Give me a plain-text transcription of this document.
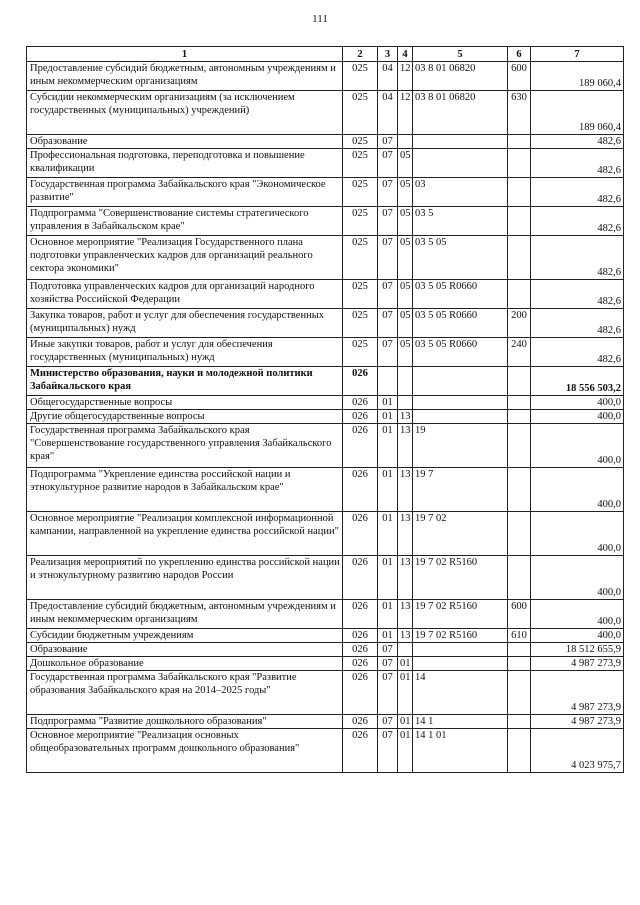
111
1	2	3	4	5	6	7
Предоставление субсидий бюджетным, автономным учреждениям и иным некоммерческим организациям	025	04	12	03 8 01 06820	600	189 060,4
Субсидии некоммерческим организациям (за исключением государственных (муниципальных) учреждений)	025	04	12	03 8 01 06820	630	189 060,4
Образование	025	07				482,6
Профессиональная подготовка, переподготовка и повышение квалификации	025	07	05			482,6
Государственная программа Забайкальского края "Экономическое развитие"	025	07	05	03		482,6
Подпрограмма "Совершенствование системы стратегического управления в Забайкальском крае"	025	07	05	03 5		482,6
Основное мероприятие "Реализация Государственного плана подготовки управленческих кадров для организаций реального сектора экономики"	025	07	05	03 5 05		482,6
Подготовка управленческих кадров для организаций народного хозяйства Российской Федерации	025	07	05	03 5 05 R0660		482,6
Закупка товаров, работ и услуг для обеспечения государственных (муниципальных) нужд	025	07	05	03 5 05 R0660	200	482,6
Иные закупки товаров, работ и услуг для обеспечения государственных (муниципальных) нужд	025	07	05	03 5 05 R0660	240	482,6
Министерство образования, науки и молодежной политики Забайкальского края	026					18 556 503,2
Общегосударственные вопросы	026	01				400,0
Другие общегосударственные вопросы	026	01	13			400,0
Государственная программа Забайкальского края "Совершенствование государственного управления Забайкальского края"	026	01	13	19		400,0
Подпрограмма "Укрепление единства российской нации и этнокультурное развитие народов в Забайкальском крае"	026	01	13	19 7		400,0
Основное мероприятие "Реализация комплексной информационной кампании, направленной на укрепление единства российской нации"	026	01	13	19 7 02		400,0
Реализация мероприятий по укреплению единства российской нации и этнокультурному развитию народов России	026	01	13	19 7 02 R5160		400,0
Предоставление субсидий бюджетным, автономным учреждениям и иным некоммерческим организациям	026	01	13	19 7 02 R5160	600	400,0
Субсидии бюджетным учреждениям	026	01	13	19 7 02 R5160	610	400,0
Образование	026	07				18 512 655,9
Дошкольное образование	026	07	01			4 987 273,9
Государственная программа Забайкальского края "Развитие образования Забайкальского края на 2014–2025 годы"	026	07	01	14		4 987 273,9
Подпрограмма "Развитие дошкольного образования"	026	07	01	14 1		4 987 273,9
Основное мероприятие "Реализация основных общеобразовательных программ дошкольного образования"	026	07	01	14 1 01		4 023 975,7
